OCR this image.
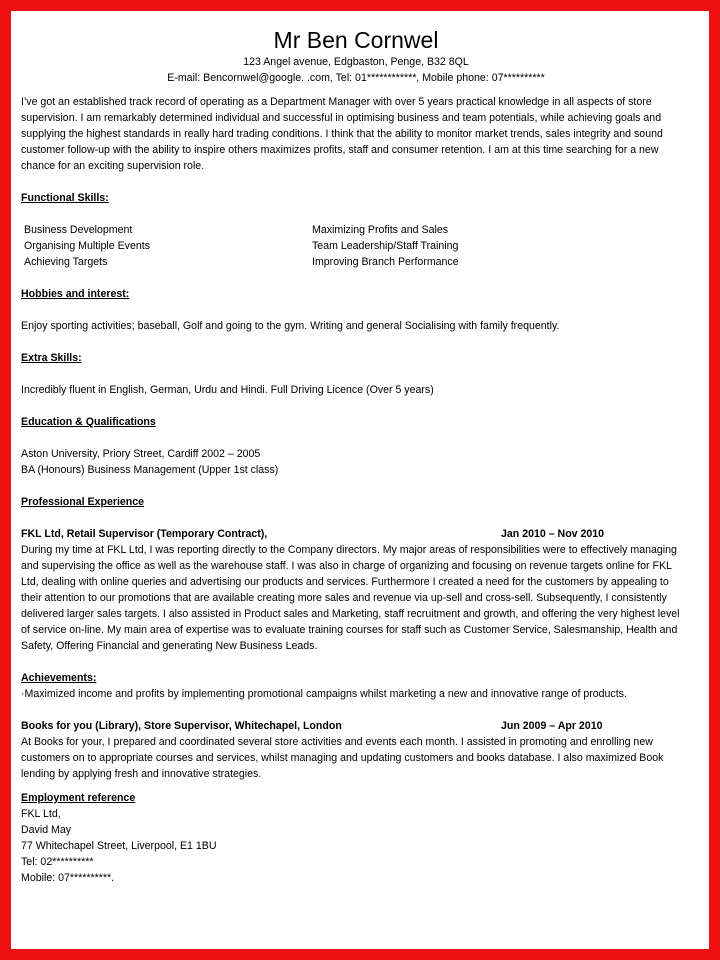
Mr Ben Cornwel
123 Angel avenue, Edgbaston, Penge, B32 8QL
E-mail: Bencornwel@google. .com, Tel: 01************, Mobile phone: 07**********

I’ve got an established track record of operating as a Department Manager with over 5 years practical knowledge in all aspects of store supervision. I am remarkably determined individual and successful in optimising business and team potentials, while achieving goals and supplying the highest standards in really hard trading conditions. I think that the ability to monitor market trends, sales integrity and sound customer follow-up with the ability to inspire others maximizes profits, staff and consumer retention. I am at this time searching for a new chance for an exciting supervision role.

Functional Skills:

Business Development
Organising Multiple Events
Achieving Targets
Maximizing Profits and Sales
Team Leadership/Staff Training
Improving Branch Performance

Hobbies and interest:

Enjoy sporting activities; baseball, Golf and going to the gym. Writing and general Socialising with family frequently.

Extra Skills:

Incredibly fluent in English, German, Urdu and Hindi. Full Driving Licence (Over 5 years)

Education & Qualifications

Aston University, Priory Street, Cardiff 2002 – 2005

BA (Honours) Business Management (Upper 1st class)

Professional Experience

FKL Ltd, Retail Supervisor (Temporary Contract),	Jan 2010 – Nov 2010

During my time at FKL Ltd, I was reporting directly to the Company directors. My major areas of responsibilities were to effectively managing and supervising the office as well as the warehouse staff. I was also in charge of organizing and focusing on revenue targets online for FKL Ltd, dealing with online queries and advertising our products and services. Furthermore I created a need for the customers by appealing to their attention to our promotions that are available creating more sales and revenue via up-sell and cross-sell. Subsequently, I consistently delivered larger sales targets. I also assisted in Product sales and Marketing, staff recruitment and growth, and offering the very highest level of service on-line. My main area of expertise was to evaluate training courses for staff such as Customer Service, Salesmanship, Health and Safety, Offering Financial and generating New Business Leads.

Achievements:

·Maximized income and profits by implementing promotional campaigns whilst marketing a new and innovative range of products.

Books for you (Library), Store Supervisor, Whitechapel, London	Jun 2009 – Apr 2010

At Books for your, I prepared and coordinated several store activities and events each month. I assisted in promoting and enrolling new customers on to appropriate courses and services, whilst managing and updating customers and books database. I also maximized Book lending by applying fresh and innovative strategies.

Employment reference

FKL Ltd,

David May

77 Whitechapel Street, Liverpool, E1 1BU

Tel: 02**********

Mobile: 07**********.
